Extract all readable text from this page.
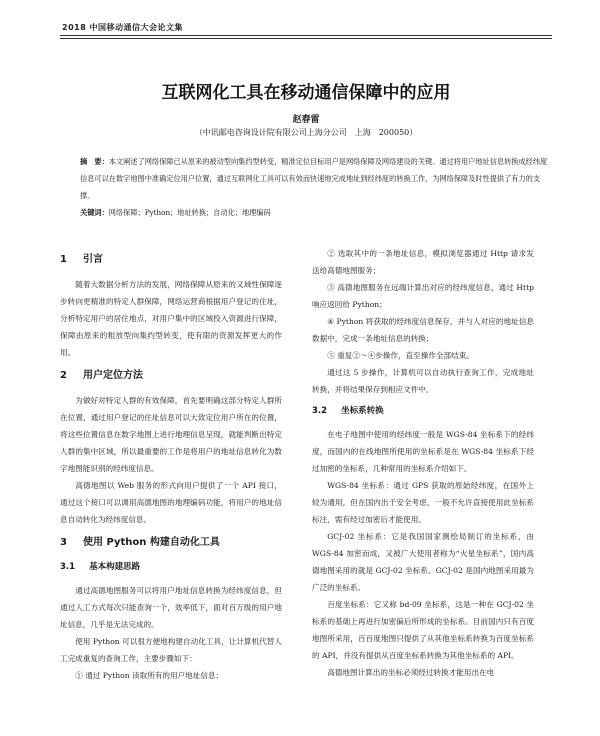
2018 中国移动通信大会论文集
互联网化工具在移动通信保障中的应用
赵春雷
（中讯邮电咨询设计院有限公司上海分公司　上海　200050）
摘　要：本文阐述了网络保障已从原来的被动型向集约型转变，精准定位目标用户是网络保障及网络建设的关键。通过将用户地址信息转换成经纬度信息可以在数字地图中准确定位用户位置，通过互联网化工具可以有效而快速地完成地址到经纬度的转换工作，为网络保障及时性提供了有力的支撑。
关键词：网络保障；Python；地址转换；自动化；地理编码
1 引言

随着大数据分析方法的发展，网络保障从原来的又域性保障逐步转向更精准的特定人群保障，网络运营商根据用户登记的住址，分析特定用户的居住地点，对用户集中的区域投入资源进行保障，保障由原来的粗放型向集约型转变，使有限的资源发挥更大的作用。

2 用户定位方法

为做好对特定人群的有效保障，首先要明确这部分特定人群所在位置，通过用户登记的住址信息可以大致定位用户所在的位置，将这些位置信息在数字地图上进行地理信息呈现，就能判断出特定人群的集中区域，所以最重要的工作是将用户的地址信息转化为数字地图能识别的经纬度信息。

高德地图以 Web 服务的形式向用户提供了一个 API 接口，通过这个接口可以调用高德地图的地理编码功能，将用户的地址信息自动转化为经纬度信息。

3 使用 Python 构建自动化工具
3.1 基本构建思路

通过高德地图服务可以将用户地址信息转换为经纬度信息，但通过人工方式每次只能查询一个，效率低下，面对百万级的用户地址信息，几乎是无法完成的。

使用 Python 可以很方便地构建自动化工具，让计算机代替人工完成重复的查询工作，主要步骤如下：

① 通过 Python 读取所有的用户地址信息；

② 选取其中的一条地址信息，模拟浏览器通过 Http 请求发送给高德地图服务；

③ 高德地图服务在远端计算出对应的经纬度信息，通过 Http 响应返回给 Python；

④ Python 将获取的经纬度信息保存，并与人对应的地址信息数据中，完成一条地址信息的转换；

⑤ 重复②～④步操作，直至操作全部结束。

通过这 5 步操作，计算机可以自动执行查询工作，完成地址转换，并将结果保存到相应文件中。

3.2 坐标系转换

在电子地图中使用的经纬度一般是 WGS-84 坐标系下的经纬度，而国内的在线地图所使用的坐标系是在 WGS-84 坐标系下经过加密的坐标系，几种常用的坐标系介绍如下。

WGS-84 坐标系：通过 GPS 获取的原始经纬度，在国外上较为通用，但在国内出于安全考虑，一般不允许直接使用此坐标系标注，需有经过加密后才能使用。

GCJ-02 坐标系：它是我国国家测绘局制订的坐标系，由 WGS-84 加密而成，又被广大使用者称为“火星坐标系”，国内高德地图采用的就是 GCJ-02 坐标系。GCJ-02 是国内地图采用最为广泛的坐标系。

百度坐标系：它又称 bd-09 坐标系，这是一种在 GCJ-02 坐标系的基础上再进行加密偏后所形成的坐标系。目前国内只有百度地图所采用，百百度地图只提供了从其他坐标系转换为百度坐标系的 API，并没有提供从百度坐标系转换为其他坐标系的 API。

高德地图计算出的坐标必须经过转换才能用出在电
